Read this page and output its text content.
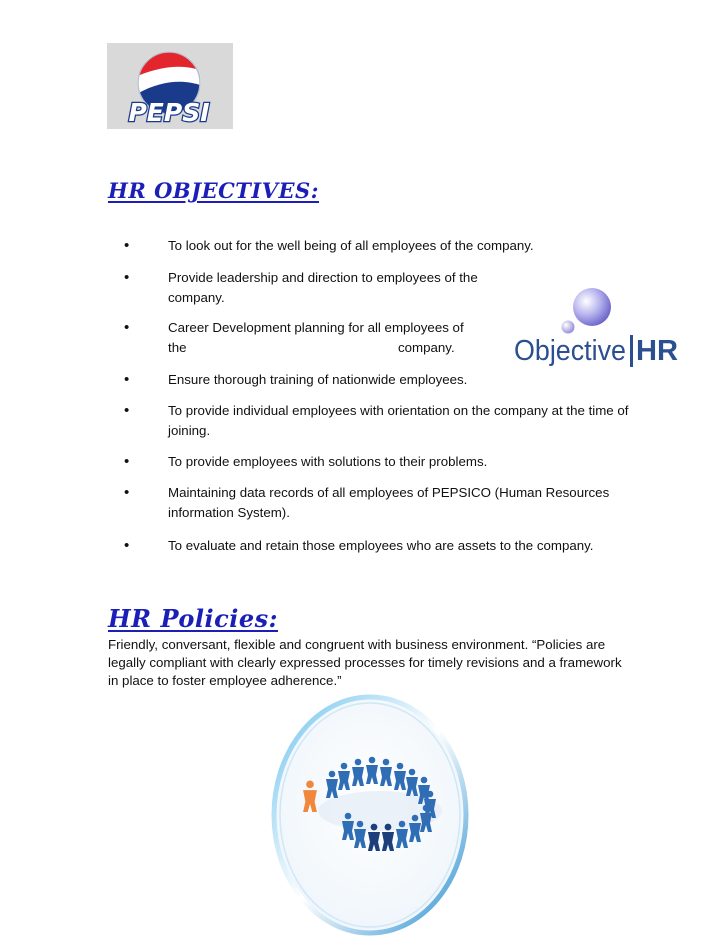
PEPSI
HR OBJECTIVES:
• To look out for the well being of all employees of the company.
• Provide leadership and direction to employees of the company.
• Career Development planning for all employees of
the	company.
• Ensure thorough training of nationwide employees.
• To provide individual employees with orientation on the company at the time of joining.
• To provide employees with solutions to their problems.
• Maintaining data records of all employees of PEPSICO (Human Resources information System).
• To evaluate and retain those employees who are assets to the company.
Objective HR
HR Policies:

Friendly, conversant, flexible and congruent with business environment. “Policies are legally compliant with clearly expressed processes for timely revisions and a framework in place to foster employee adherence.”
